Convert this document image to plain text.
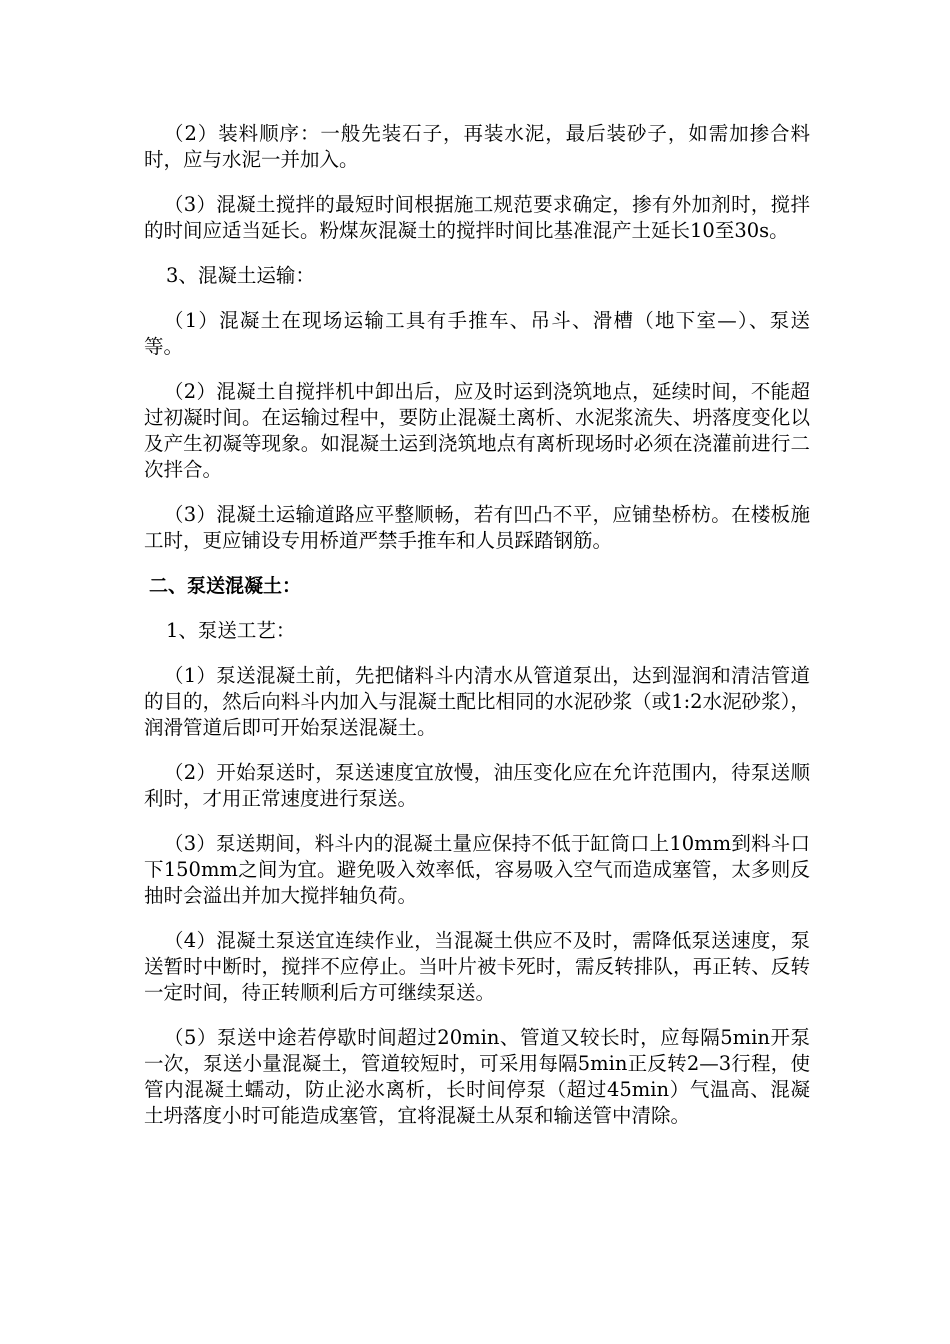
（2）装料顺序：一般先装石子，再装水泥，最后装砂子，如需加掺合料时，应与水泥一并加入。

（3）混凝土搅拌的最短时间根据施工规范要求确定，掺有外加剂时，搅拌的时间应适当延长。粉煤灰混凝土的搅拌时间比基准混产土延长10至30s。

3、混凝土运输：

（1）混凝土在现场运输工具有手推车、吊斗、滑槽（地下室—）、泵送等。

（2）混凝土自搅拌机中卸出后，应及时运到浇筑地点，延续时间，不能超过初凝时间。在运输过程中，要防止混凝土离析、水泥浆流失、坍落度变化以及产生初凝等现象。如混凝土运到浇筑地点有离析现场时必须在浇灌前进行二次拌合。

（3）混凝土运输道路应平整顺畅，若有凹凸不平，应铺垫桥枋。在楼板施工时，更应铺设专用桥道严禁手推车和人员踩踏钢筋。

二、泵送混凝土：

1、泵送工艺：

（1）泵送混凝土前，先把储料斗内清水从管道泵出，达到湿润和清洁管道的目的，然后向料斗内加入与混凝土配比相同的水泥砂浆（或1:2水泥砂浆），润滑管道后即可开始泵送混凝土。

（2）开始泵送时，泵送速度宜放慢，油压变化应在允许范围内，待泵送顺利时，才用正常速度进行泵送。

（3）泵送期间，料斗内的混凝土量应保持不低于缸筒口上10mm到料斗口下150mm之间为宜。避免吸入效率低，容易吸入空气而造成塞管，太多则反抽时会溢出并加大搅拌轴负荷。

（4）混凝土泵送宜连续作业，当混凝土供应不及时，需降低泵送速度，泵送暂时中断时，搅拌不应停止。当叶片被卡死时，需反转排队，再正转、反转一定时间，待正转顺利后方可继续泵送。

（5）泵送中途若停歇时间超过20min、管道又较长时，应每隔5min开泵一次，泵送小量混凝土，管道较短时，可采用每隔5min正反转2—3行程，使管内混凝土蠕动，防止泌水离析，长时间停泵（超过45min）气温高、混凝土坍落度小时可能造成塞管，宜将混凝土从泵和输送管中清除。
